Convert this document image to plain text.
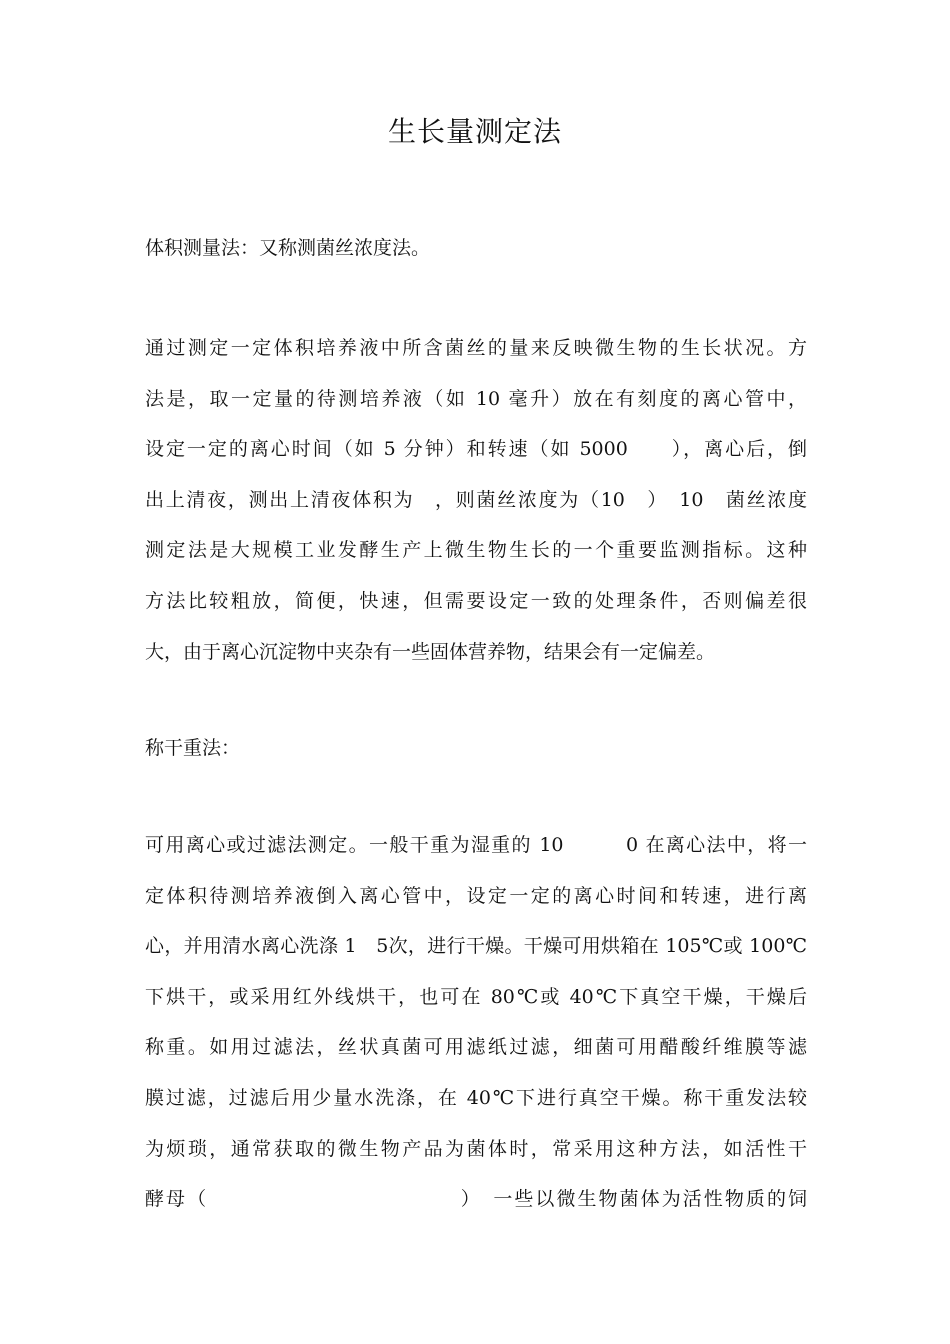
生长量测定法
体积测量法：又称测菌丝浓度法。
通过测定一定体积培养液中所含菌丝的量来反映微生物的生长状况。方
法是，取一定量的待测培养液（如 10 毫升）放在有刻度的离心管中，
设定一定的离心时间（如 5 分钟）和转速（如 5000　　），离心后，倒
出上清夜，测出上清夜体积为　，则菌丝浓度为（10　）　10　菌丝浓度
测定法是大规模工业发酵生产上微生物生长的一个重要监测指标。这种
方法比较粗放，简便，快速，但需要设定一致的处理条件，否则偏差很
大，由于离心沉淀物中夹杂有一些固体营养物，结果会有一定偏差。
称干重法：
可用离心或过滤法测定。一般干重为湿重的 10　　　0 在离心法中，将一
定体积待测培养液倒入离心管中，设定一定的离心时间和转速，进行离
心，并用清水离心洗涤 1　5次，进行干燥。干燥可用烘箱在 105℃或 100℃
下烘干，或采用红外线烘干，也可在 80℃或 40℃下真空干燥，干燥后
称重。如用过滤法，丝状真菌可用滤纸过滤，细菌可用醋酸纤维膜等滤
膜过滤，过滤后用少量水洗涤，在 40℃下进行真空干燥。称干重发法较
为烦琐，通常获取的微生物产品为菌体时，常采用这种方法，如活性干
酵母（　　　　　　　　　　　　）　一些以微生物菌体为活性物质的饲
